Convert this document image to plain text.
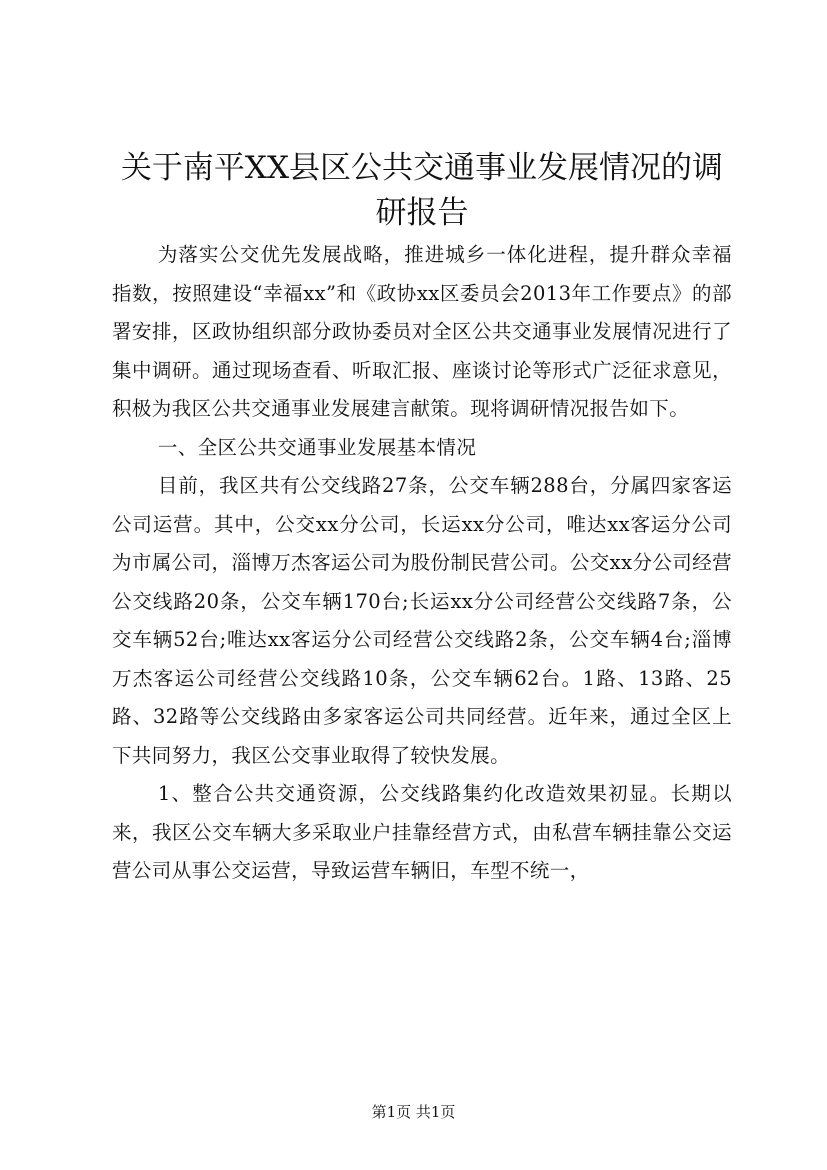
关于南平XX县区公共交通事业发展情况的调研报告

为落实公交优先发展战略，推进城乡一体化进程，提升群众幸福指数，按照建设“幸福xx”和《政协xx区委员会2013年工作要点》的部署安排，区政协组织部分政协委员对全区公共交通事业发展情况进行了集中调研。通过现场查看、听取汇报、座谈讨论等形式广泛征求意见，积极为我区公共交通事业发展建言献策。现将调研情况报告如下。

一、全区公共交通事业发展基本情况

目前，我区共有公交线路27条，公交车辆288台，分属四家客运公司运营。其中，公交xx分公司，长运xx分公司，唯达xx客运分公司为市属公司，淄博万杰客运公司为股份制民营公司。公交xx分公司经营公交线路20条，公交车辆170台;长运xx分公司经营公交线路7条，公交车辆52台;唯达xx客运分公司经营公交线路2条，公交车辆4台;淄博万杰客运公司经营公交线路10条，公交车辆62台。1路、13路、25路、32路等公交线路由多家客运公司共同经营。近年来，通过全区上下共同努力，我区公交事业取得了较快发展。

1、整合公共交通资源，公交线路集约化改造效果初显。长期以来，我区公交车辆大多采取业户挂靠经营方式，由私营车辆挂靠公交运营公司从事公交运营，导致运营车辆旧，车型不统一，

第1页 共1页
